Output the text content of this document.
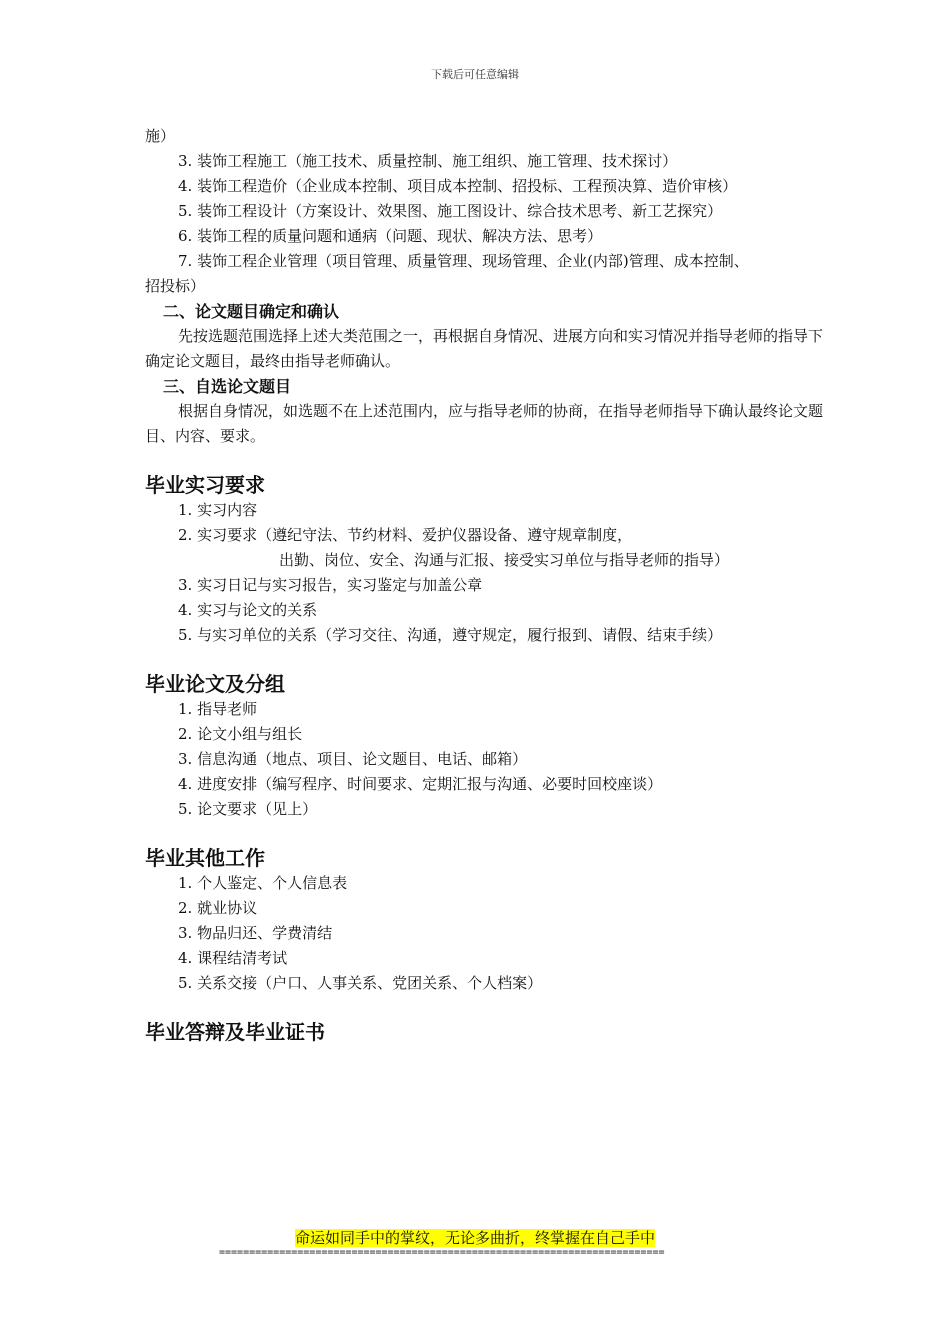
下载后可任意编辑
施）
3. 装饰工程施工（施工技术、质量控制、施工组织、施工管理、技术探讨）
4. 装饰工程造价（企业成本控制、项目成本控制、招投标、工程预决算、造价审核）
5. 装饰工程设计（方案设计、效果图、施工图设计、综合技术思考、新工艺探究）
6. 装饰工程的质量问题和通病（问题、现状、解决方法、思考）
7. 装饰工程企业管理（项目管理、质量管理、现场管理、企业(内部)管理、成本控制、
招投标）
二、论文题目确定和确认
先按选题范围选择上述大类范围之一，再根据自身情况、进展方向和实习情况并指导老师的指导下确定论文题目，最终由指导老师确认。
三、自选论文题目
根据自身情况，如选题不在上述范围内，应与指导老师的协商，在指导老师指导下确认最终论文题目、内容、要求。
毕业实习要求
1. 实习内容
2. 实习要求（遵纪守法、节约材料、爱护仪器设备、遵守规章制度，
出勤、岗位、安全、沟通与汇报、接受实习单位与指导老师的指导）
3. 实习日记与实习报告，实习鉴定与加盖公章
4. 实习与论文的关系
5. 与实习单位的关系（学习交往、沟通，遵守规定，履行报到、请假、结束手续）
毕业论文及分组
1. 指导老师
2. 论文小组与组长
3. 信息沟通（地点、项目、论文题目、电话、邮箱）
4. 进度安排（编写程序、时间要求、定期汇报与沟通、必要时回校座谈）
5. 论文要求（见上）
毕业其他工作
1. 个人鉴定、个人信息表
2. 就业协议
3. 物品归还、学费清结
4. 课程结清考试
5. 关系交接（户口、人事关系、党团关系、个人档案）
毕业答辩及毕业证书
命运如同手中的掌纹，无论多曲折，终掌握在自己手中
==========================================================================
